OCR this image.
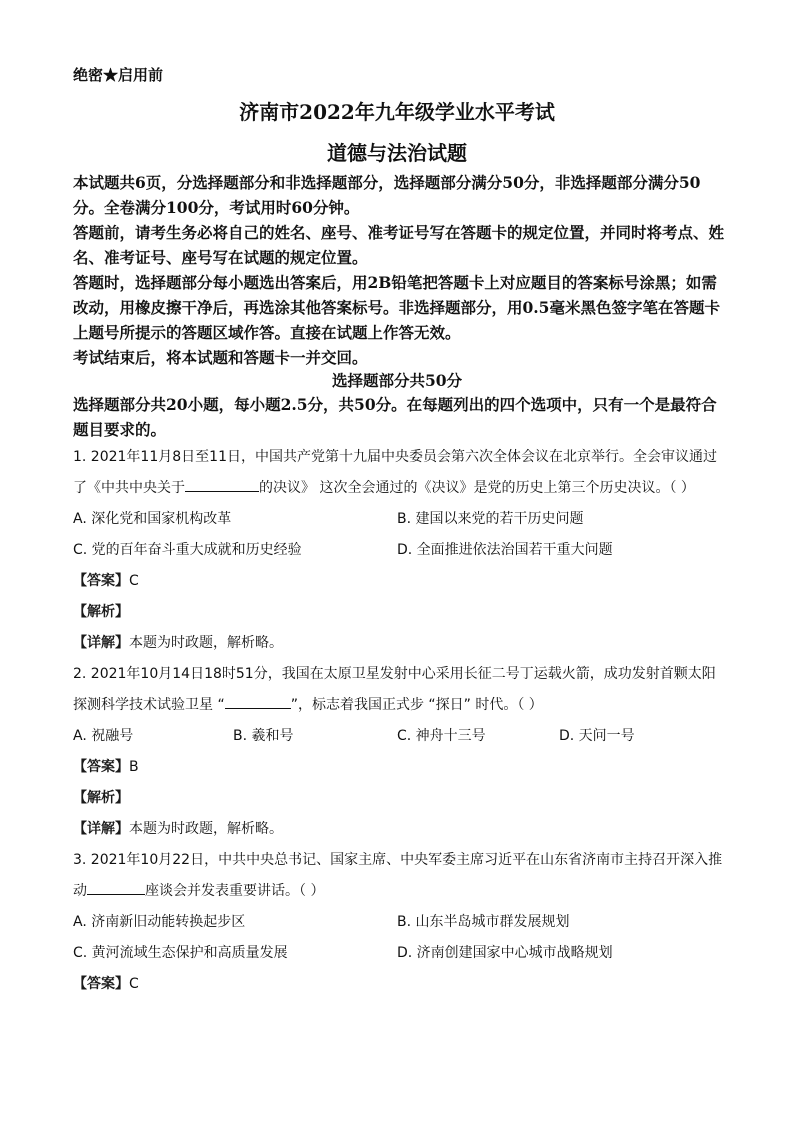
绝密★启用前
济南市2022年九年级学业水平考试
道德与法治试题

本试题共6页，分选择题部分和非选择题部分，选择题部分满分50分，非选择题部分满分50分。全卷满分100分，考试用时60分钟。

答题前，请考生务必将自己的姓名、座号、准考证号写在答题卡的规定位置，并同时将考点、姓名、准考证号、座号写在试题的规定位置。

答题时，选择题部分每小题选出答案后，用2B铅笔把答题卡上对应题目的答案标号涂黑；如需改动，用橡皮擦干净后，再选涂其他答案标号。非选择题部分，用0.5毫米黑色签字笔在答题卡上题号所提示的答题区域作答。直接在试题上作答无效。

考试结束后，将本试题和答题卡一并交回。

选择题部分共50分
选择题部分共20小题，每小题2.5分，共50分。在每题列出的四个选项中，只有一个是最符合题目要求的。
1. 2021年11月8日至11日，中国共产党第十九届中央委员会第六次全体会议在北京举行。全会审议通过
了《中共中央关于	的决议》 这次全会通过的《决议》是党的历史上第三个历史决议。（ ）
A. 深化党和国家机构改革	B. 建国以来党的若干历史问题
C. 党的百年奋斗重大成就和历史经验	D. 全面推进依法治国若干重大问题
【答案】C
【解析】
【详解】本题为时政题，解析略。
2. 2021年10月14日18时51分，我国在太原卫星发射中心采用长征二号丁运载火箭，成功发射首颗太阳
探测科学技术试验卫星 “	”，标志着我国正式步 “探日” 时代。（ ）
A. 祝融号	B. 羲和号	C. 神舟十三号	D. 天问一号
【答案】B
【解析】
【详解】本题为时政题，解析略。
3. 2021年10月22日，中共中央总书记、国家主席、中央军委主席习近平在山东省济南市主持召开深入推
动	座谈会并发表重要讲话。（ ）
A. 济南新旧动能转换起步区	B. 山东半岛城市群发展规划
C. 黄河流域生态保护和高质量发展	D. 济南创建国家中心城市战略规划
【答案】C
